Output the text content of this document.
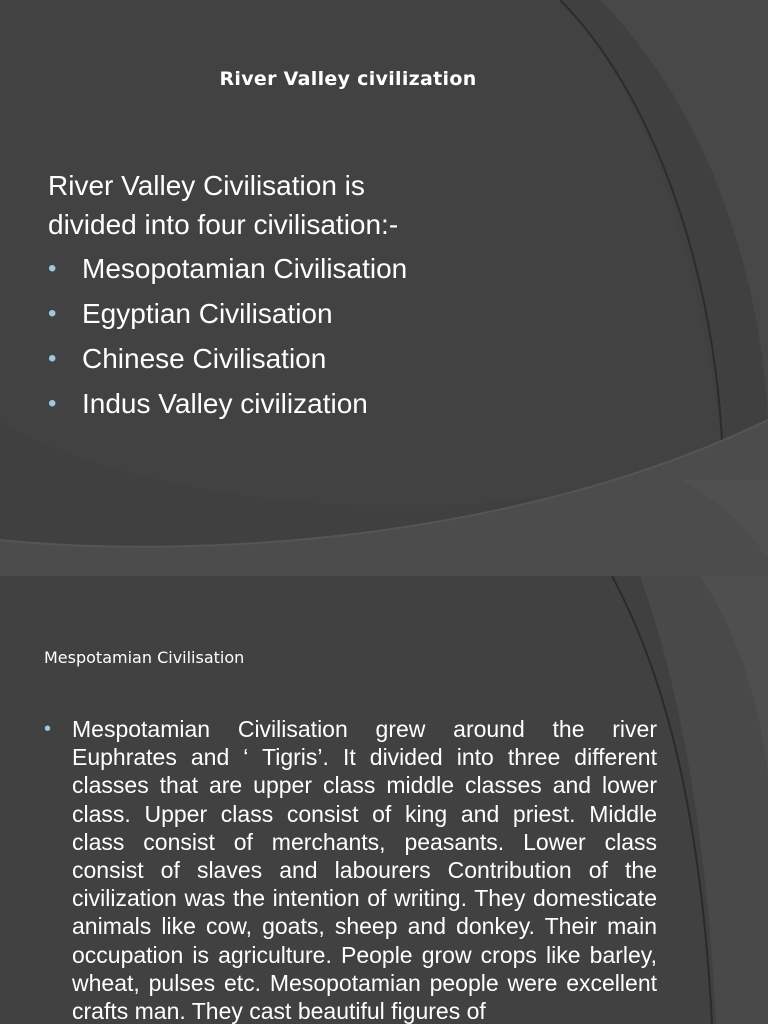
River Valley civilization
River Valley Civilisation is
divided into four civilisation:-
• Mesopotamian Civilisation
• Egyptian Civilisation
• Chinese Civilisation
• Indus Valley civilization
Mespotamian Civilisation
• Mespotamian Civilisation grew around the river Euphrates and ‘ Tigris’. It divided into three different classes that are upper class middle classes and lower class. Upper class consist of king and priest. Middle class consist of merchants, peasants. Lower class consist of slaves and labourers Contribution of the civilization was the intention of writing. They domesticate animals like cow, goats, sheep and donkey. Their main occupation is agriculture. People grow crops like barley, wheat, pulses etc. Mesopotamian people were excellent crafts man. They cast beautiful figures of
